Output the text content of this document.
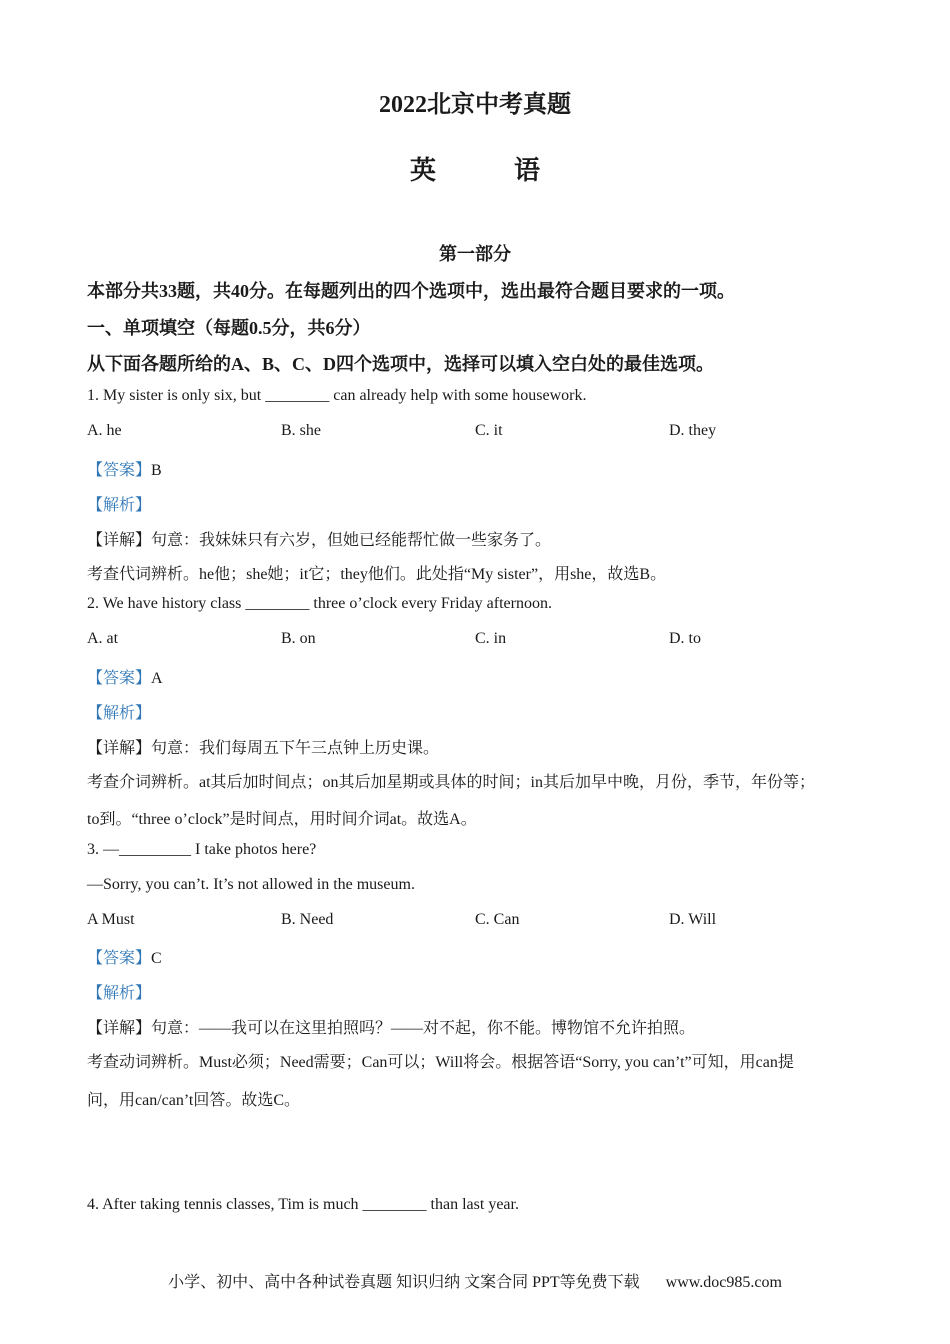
2022北京中考真题
英　语
第一部分
本部分共33题，共40分。在每题列出的四个选项中，选出最符合题目要求的一项。
一、单项填空（每题0.5分，共6分）
从下面各题所给的A、B、C、D四个选项中，选择可以填入空白处的最佳选项。
1. My sister is only six, but ________ can already help with some housework.
A. he	B. she	C. it	D. they
【答案】B
【解析】
【详解】句意：我妹妹只有六岁，但她已经能帮忙做一些家务了。
考查代词辨析。he他；she她；it它；they他们。此处指“My sister”，用she，故选B。
2. We have history class ________ three o’clock every Friday afternoon.
A. at	B. on	C. in	D. to
【答案】A
【解析】
【详解】句意：我们每周五下午三点钟上历史课。
考查介词辨析。at其后加时间点；on其后加星期或具体的时间；in其后加早中晚，月份，季节，年份等；
to到。“three o’clock”是时间点，用时间介词at。故选A。
3. —_________ I take photos here?
—Sorry, you can’t. It’s not allowed in the museum.
A Must	B. Need	C. Can	D. Will
【答案】C
【解析】
【详解】句意：——我可以在这里拍照吗？——对不起，你不能。博物馆不允许拍照。
考查动词辨析。Must必须；Need需要；Can可以；Will将会。根据答语“Sorry, you can’t”可知，用can提
问，用can/can’t回答。故选C。
4. After taking tennis classes, Tim is much ________ than last year.
小学、初中、高中各种试卷真题 知识归纳 文案合同 PPT等免费下载 www.doc985.com
